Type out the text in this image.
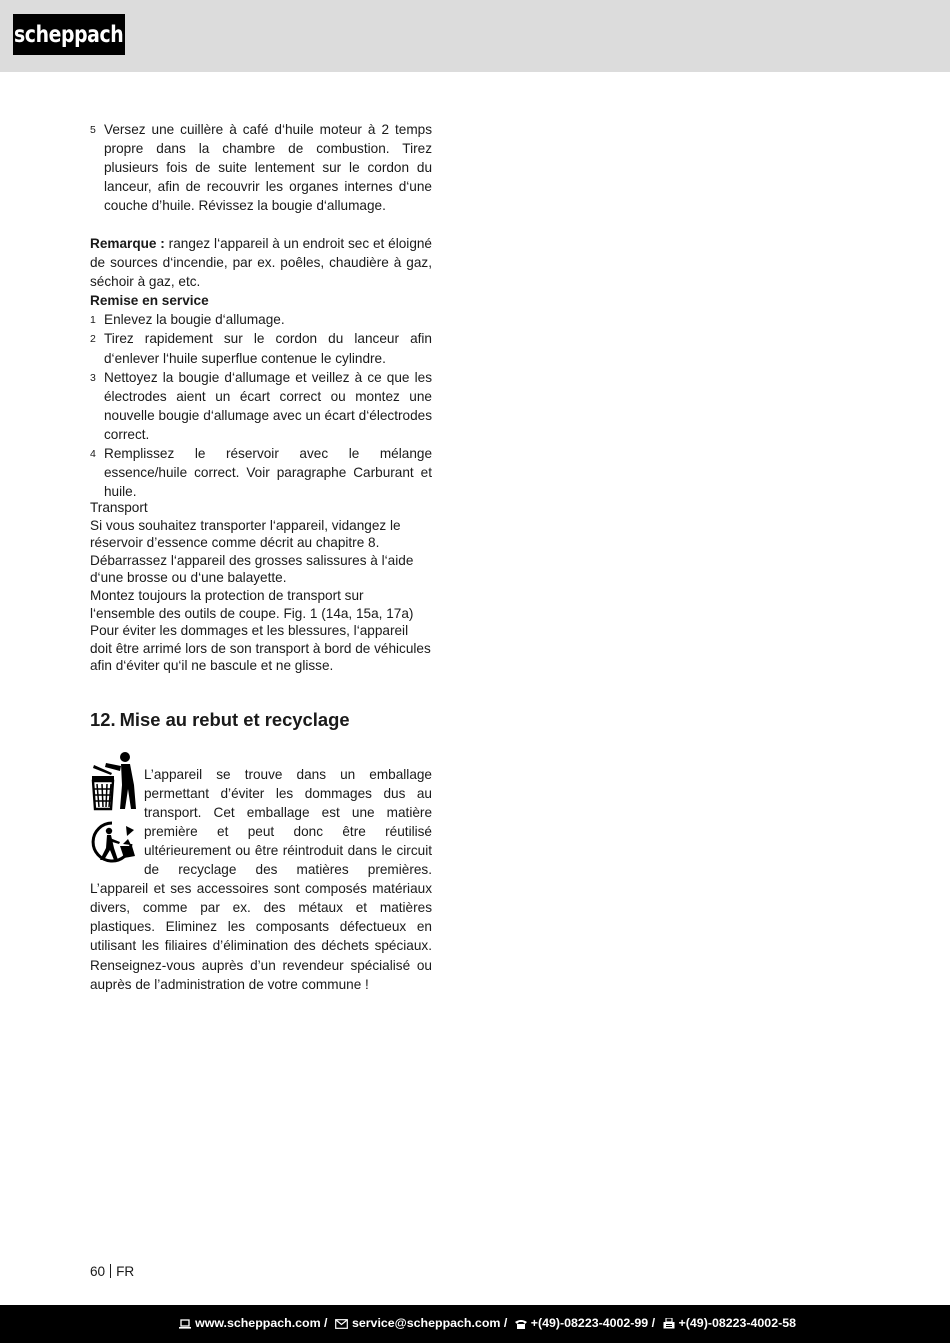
scheppach
5 Versez une cuillère à café d‘huile moteur à 2 temps propre dans la chambre de combustion. Tirez plusieurs fois de suite lentement sur le cordon du lanceur, afin de recouvrir les organes internes d‘une couche d’huile. Révissez la bougie d‘allumage.

Remarque : rangez l‘appareil à un endroit sec et éloigné de sources d‘incendie, par ex. poêles, chaudière à gaz, séchoir à gaz, etc.

Remise en service

1 Enlevez la bougie d‘allumage.
2 Tirez rapidement sur le cordon du lanceur afin d‘enlever l‘huile superflue contenue le cylindre.
3 Nettoyez la bougie d‘allumage et veillez à ce que les électrodes aient un écart correct ou montez une nouvelle bougie d‘allumage avec un écart d‘électrodes correct.
4 Remplissez le réservoir avec le mélange essence/huile correct. Voir paragraphe Carburant et huile.

Transport

Si vous souhaitez transporter l‘appareil, vidangez le réservoir d’essence comme décrit au chapitre 8. Débarrassez l‘appareil des grosses salissures à l‘aide d‘une brosse ou d‘une balayette.

Montez toujours la protection de transport sur l‘ensemble des outils de coupe. Fig. 1 (14a, 15a, 17a)

Pour éviter les dommages et les blessures, l‘appareil doit être arrimé lors de son transport à bord de véhicules afin d‘éviter qu‘il ne bascule et ne glisse.

12. Mise au rebut et recyclage

L’appareil se trouve dans un emballage permettant d’éviter les dommages dus au transport. Cet emballage est une matière première et peut donc être réutilisé ultérieurement ou être réintroduit dans le circuit de recyclage des matières premières. L’appareil et ses accessoires sont composés matériaux divers, comme par ex. des métaux et matières plastiques. Eliminez les composants défectueux en utilisant les filiaires d’élimination des déchets spéciaux. Renseignez-vous auprès d’un revendeur spécialisé ou auprès de l’administration de votre commune !

60 FR
www.scheppach.com / service@scheppach.com / +(49)-08223-4002-99 / +(49)-08223-4002-58
